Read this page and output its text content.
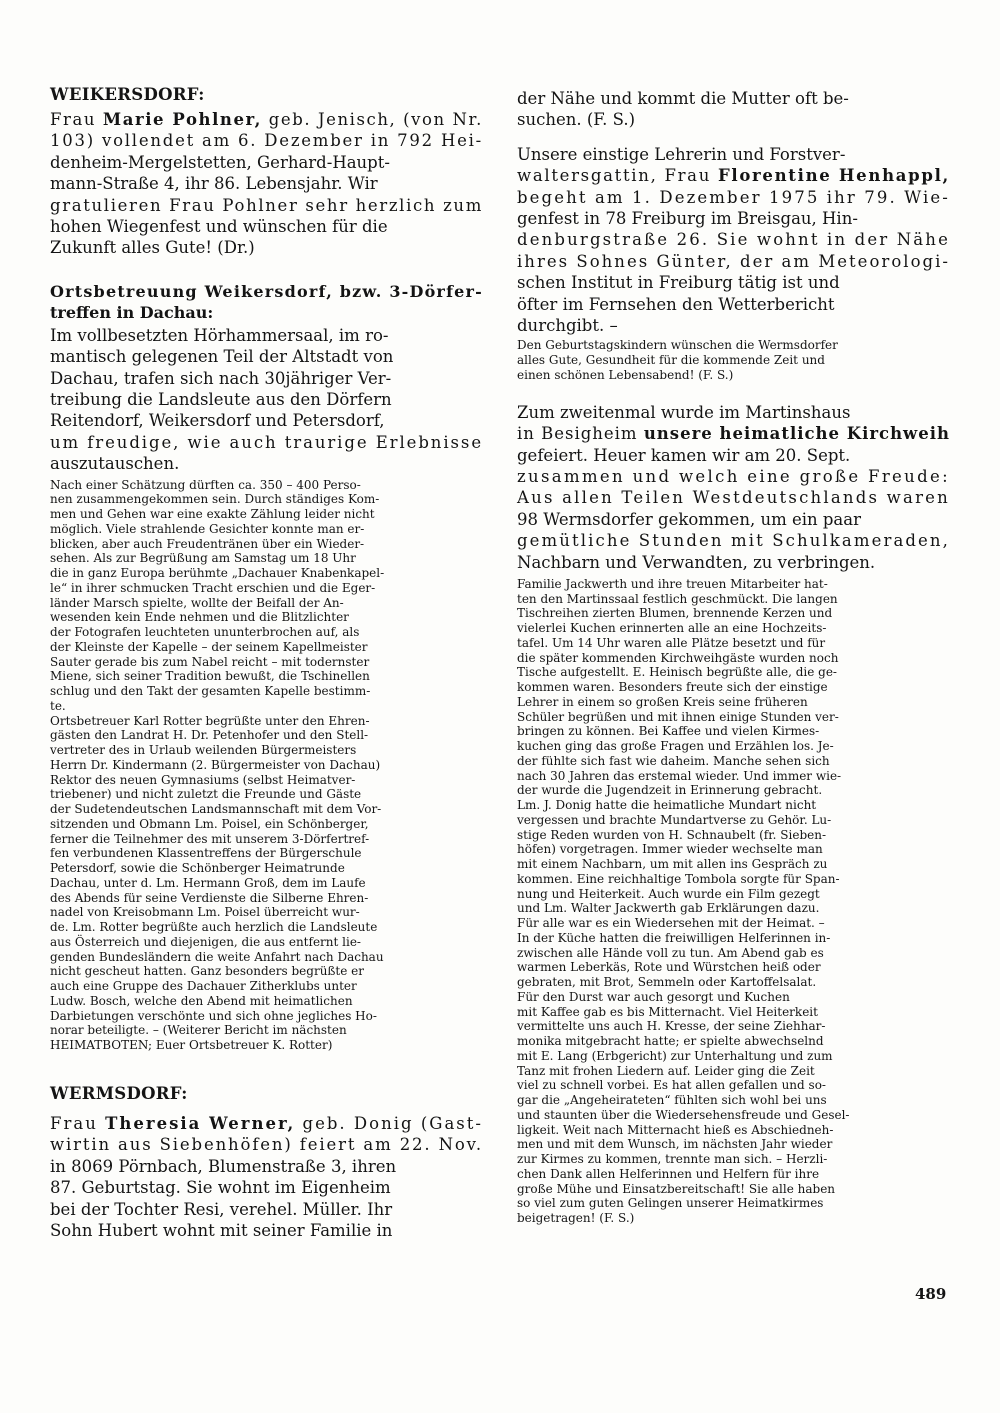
WEIKERSDORF:
Frau Marie Pohlner, geb. Jenisch, (von Nr.
103) vollendet am 6. Dezember in 792 Hei-
denheim-Mergelstetten, Gerhard-Haupt-
mann-Straße 4, ihr 86. Lebensjahr. Wir
gratulieren Frau Pohlner sehr herzlich zum
hohen Wiegenfest und wünschen für die
Zukunft alles Gute! (Dr.)
Ortsbetreuung Weikersdorf, bzw. 3-Dörfer-
treffen in Dachau:
Im vollbesetzten Hörhammersaal, im ro-
mantisch gelegenen Teil der Altstadt von
Dachau, trafen sich nach 30jähriger Ver-
treibung die Landsleute aus den Dörfern
Reitendorf, Weikersdorf und Petersdorf,
um freudige, wie auch traurige Erlebnisse
auszutauschen.
Nach einer Schätzung dürften ca. 350 – 400 Perso-
nen zusammengekommen sein. Durch ständiges Kom-
men und Gehen war eine exakte Zählung leider nicht
möglich. Viele strahlende Gesichter konnte man er-
blicken, aber auch Freudentränen über ein Wieder-
sehen. Als zur Begrüßung am Samstag um 18 Uhr
die in ganz Europa berühmte „Dachauer Knabenkapel-
le“ in ihrer schmucken Tracht erschien und die Eger-
länder Marsch spielte, wollte der Beifall der An-
wesenden kein Ende nehmen und die Blitzlichter
der Fotografen leuchteten ununterbrochen auf, als
der Kleinste der Kapelle – der seinem Kapellmeister
Sauter gerade bis zum Nabel reicht – mit todernster
Miene, sich seiner Tradition bewußt, die Tschinellen
schlug und den Takt der gesamten Kapelle bestimm-
te.
Ortsbetreuer Karl Rotter begrüßte unter den Ehren-
gästen den Landrat H. Dr. Petenhofer und den Stell-
vertreter des in Urlaub weilenden Bürgermeisters
Herrn Dr. Kindermann (2. Bürgermeister von Dachau)
Rektor des neuen Gymnasiums (selbst Heimatver-
triebener) und nicht zuletzt die Freunde und Gäste
der Sudetendeutschen Landsmannschaft mit dem Vor-
sitzenden und Obmann Lm. Poisel, ein Schönberger,
ferner die Teilnehmer des mit unserem 3-Dörfertref-
fen verbundenen Klassentreffens der Bürgerschule
Petersdorf, sowie die Schönberger Heimatrunde
Dachau, unter d. Lm. Hermann Groß, dem im Laufe
des Abends für seine Verdienste die Silberne Ehren-
nadel von Kreisobmann Lm. Poisel überreicht wur-
de. Lm. Rotter begrüßte auch herzlich die Landsleute
aus Österreich und diejenigen, die aus entfernt lie-
genden Bundesländern die weite Anfahrt nach Dachau
nicht gescheut hatten. Ganz besonders begrüßte er
auch eine Gruppe des Dachauer Zitherklubs unter
Ludw. Bosch, welche den Abend mit heimatlichen
Darbietungen verschönte und sich ohne jegliches Ho-
norar beteiligte. – (Weiterer Bericht im nächsten
HEIMATBOTEN; Euer Ortsbetreuer K. Rotter)
WERMSDORF:
Frau Theresia Werner, geb. Donig (Gast-
wirtin aus Siebenhöfen) feiert am 22. Nov.
in 8069 Pörnbach, Blumenstraße 3, ihren
87. Geburtstag. Sie wohnt im Eigenheim
bei der Tochter Resi, verehel. Müller. Ihr
Sohn Hubert wohnt mit seiner Familie in
der Nähe und kommt die Mutter oft be-
suchen. (F. S.)
Unsere einstige Lehrerin und Forstver-
waltersgattin, Frau Florentine Henhappl,
begeht am 1. Dezember 1975 ihr 79. Wie-
genfest in 78 Freiburg im Breisgau, Hin-
denburgstraße 26. Sie wohnt in der Nähe
ihres Sohnes Günter, der am Meteorologi-
schen Institut in Freiburg tätig ist und
öfter im Fernsehen den Wetterbericht
durchgibt. –
Den Geburtstagskindern wünschen die Wermsdorfer
alles Gute, Gesundheit für die kommende Zeit und
einen schönen Lebensabend! (F. S.)
Zum zweitenmal wurde im Martinshaus
in Besigheim unsere heimatliche Kirchweih
gefeiert. Heuer kamen wir am 20. Sept.
zusammen und welch eine große Freude:
Aus allen Teilen Westdeutschlands waren
98 Wermsdorfer gekommen, um ein paar
gemütliche Stunden mit Schulkameraden,
Nachbarn und Verwandten, zu verbringen.
Familie Jackwerth und ihre treuen Mitarbeiter hat-
ten den Martinssaal festlich geschmückt. Die langen
Tischreihen zierten Blumen, brennende Kerzen und
vielerlei Kuchen erinnerten alle an eine Hochzeits-
tafel. Um 14 Uhr waren alle Plätze besetzt und für
die später kommenden Kirchweihgäste wurden noch
Tische aufgestellt. E. Heinisch begrüßte alle, die ge-
kommen waren. Besonders freute sich der einstige
Lehrer in einem so großen Kreis seine früheren
Schüler begrüßen und mit ihnen einige Stunden ver-
bringen zu können. Bei Kaffee und vielen Kirmes-
kuchen ging das große Fragen und Erzählen los. Je-
der fühlte sich fast wie daheim. Manche sehen sich
nach 30 Jahren das erstemal wieder. Und immer wie-
der wurde die Jugendzeit in Erinnerung gebracht.
Lm. J. Donig hatte die heimatliche Mundart nicht
vergessen und brachte Mundartverse zu Gehör. Lu-
stige Reden wurden von H. Schnaubelt (fr. Sieben-
höfen) vorgetragen. Immer wieder wechselte man
mit einem Nachbarn, um mit allen ins Gespräch zu
kommen. Eine reichhaltige Tombola sorgte für Span-
nung und Heiterkeit. Auch wurde ein Film gezegt
und Lm. Walter Jackwerth gab Erklärungen dazu.
Für alle war es ein Wiedersehen mit der Heimat. –
In der Küche hatten die freiwilligen Helferinnen in-
zwischen alle Hände voll zu tun. Am Abend gab es
warmen Leberkäs, Rote und Würstchen heiß oder
gebraten, mit Brot, Semmeln oder Kartoffelsalat.
Für den Durst war auch gesorgt und Kuchen
mit Kaffee gab es bis Mitternacht. Viel Heiterkeit
vermittelte uns auch H. Kresse, der seine Ziehhar-
monika mitgebracht hatte; er spielte abwechselnd
mit E. Lang (Erbgericht) zur Unterhaltung und zum
Tanz mit frohen Liedern auf. Leider ging die Zeit
viel zu schnell vorbei. Es hat allen gefallen und so-
gar die „Angeheirateten“ fühlten sich wohl bei uns
und staunten über die Wiedersehensfreude und Gesel-
ligkeit. Weit nach Mitternacht hieß es Abschiedneh-
men und mit dem Wunsch, im nächsten Jahr wieder
zur Kirmes zu kommen, trennte man sich. – Herzli-
chen Dank allen Helferinnen und Helfern für ihre
große Mühe und Einsatzbereitschaft! Sie alle haben
so viel zum guten Gelingen unserer Heimatkirmes
beigetragen! (F. S.)
489
